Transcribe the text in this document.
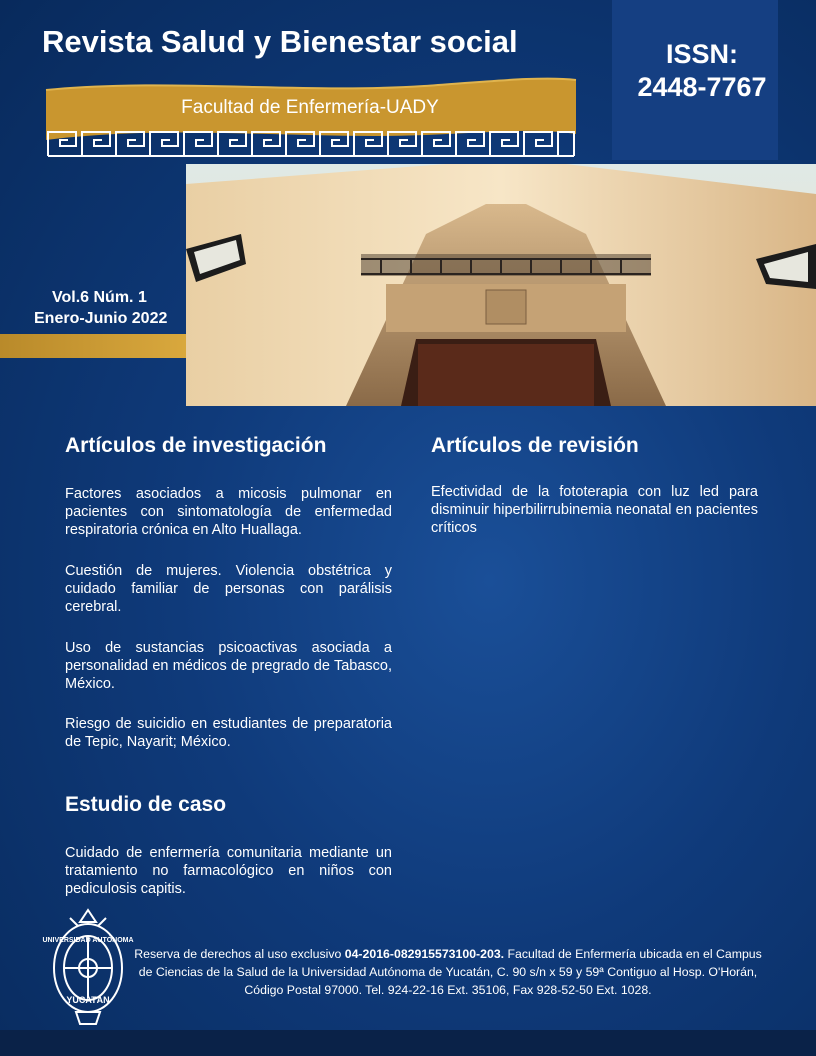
ISSN:
2448-7767
Revista Salud y Bienestar social
Facultad de Enfermería-UADY
Vol.6 Núm. 1
Enero-Junio 2022
Artículos de investigación
Factores asociados a micosis pulmonar en pacientes con sintomatología de enfermedad respiratoria crónica en Alto Huallaga.
Cuestión de mujeres. Violencia obstétrica y cuidado familiar de personas con parálisis cerebral.
Uso de sustancias psicoactivas asociada a personalidad en médicos de pregrado de Tabasco, México.
Riesgo de suicidio en estudiantes de preparatoria de Tepic, Nayarit; México.
Artículos de revisión
Efectividad de la fototerapia con luz led para disminuir hiperbilirrubinemia neonatal en pacientes críticos
Estudio de caso
Cuidado de enfermería comunitaria mediante un tratamiento no farmacológico en niños con pediculosis capitis.
UNIVERSIDAD AUTÓNOMA
YUCATÁN
Reserva de derechos al uso exclusivo 04-2016-082915573100-203. Facultad de Enfermería ubicada en el Campus de Ciencias de la Salud de la Universidad Autónoma de Yucatán, C. 90 s/n x 59 y 59ª Contiguo al Hosp. O'Horán, Código Postal 97000. Tel. 924-22-16 Ext. 35106, Fax 928-52-50 Ext. 1028.
